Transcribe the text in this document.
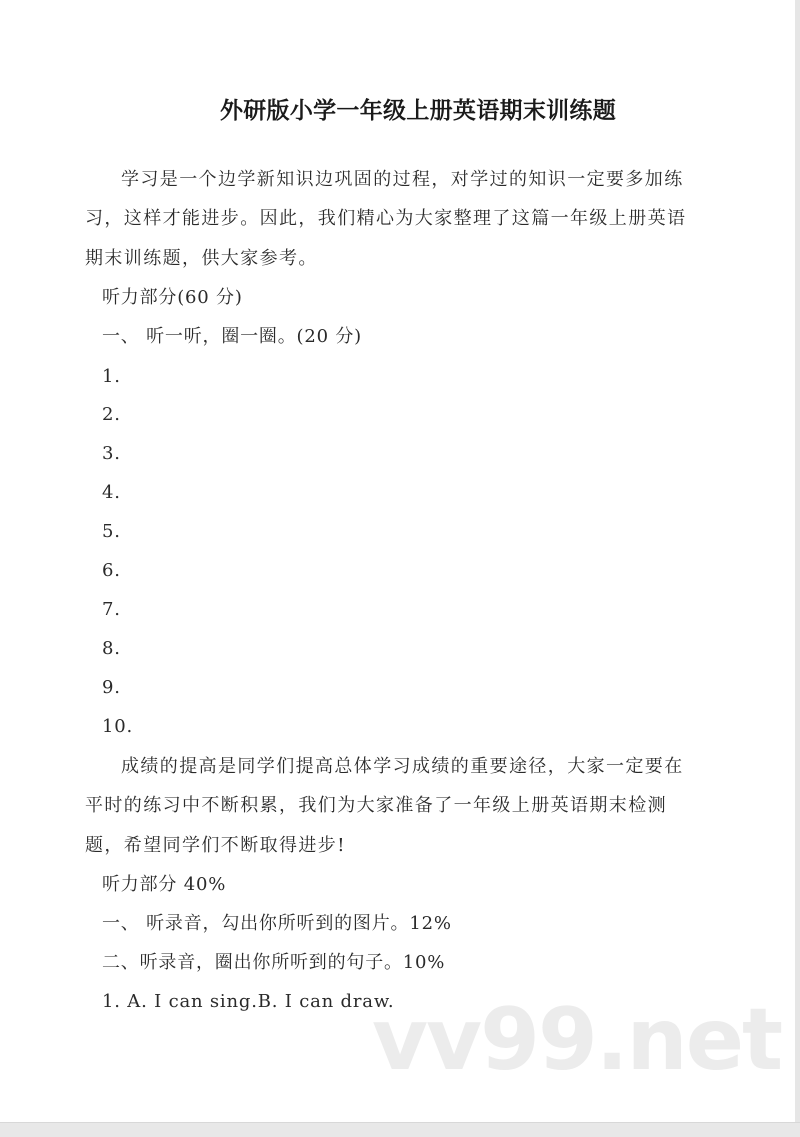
外研版小学一年级上册英语期末训练题
学习是一个边学新知识边巩固的过程，对学过的知识一定要多加练习，这样才能进步。因此，我们精心为大家整理了这篇一年级上册英语期末训练题，供大家参考。
听力部分(60 分)
一、 听一听，圈一圈。(20 分)
1.
2.
3.
4.
5.
6.
7.
8.
9.
10.
成绩的提高是同学们提高总体学习成绩的重要途径，大家一定要在平时的练习中不断积累，我们为大家准备了一年级上册英语期末检测题，希望同学们不断取得进步!
听力部分 40%
一、 听录音，勾出你所听到的图片。12%
二、听录音，圈出你所听到的句子。10%
1. A. I can sing.B. I can draw.
vv99.net
